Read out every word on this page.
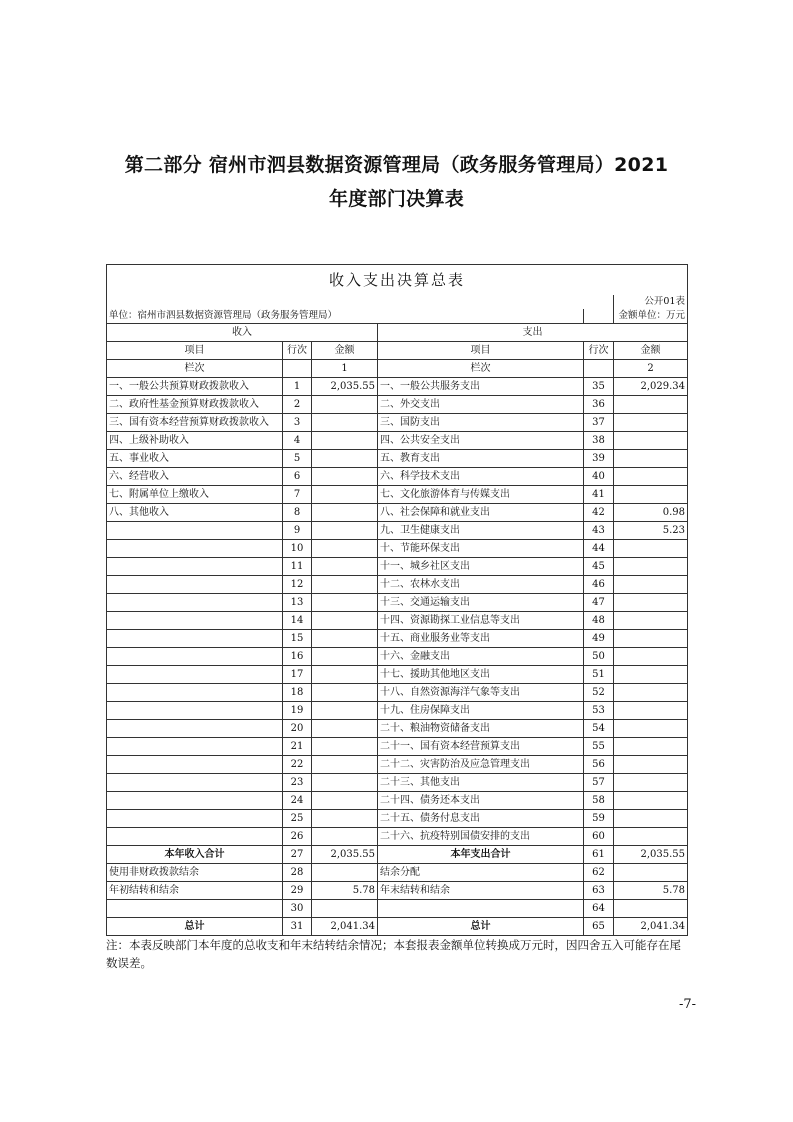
第二部分 宿州市泗县数据资源管理局（政务服务管理局）2021
年度部门决算表
收入支出决算总表					
					公开01表
单位：宿州市泗县数据资源管理局（政务服务管理局）					金额单位：万元
收入			支出		
项目	行次	金额	项目	行次	金额
栏次		1	栏次		2
一、一般公共预算财政拨款收入	1	2,035.55	一、一般公共服务支出	35	2,029.34
二、政府性基金预算财政拨款收入	2		二、外交支出	36	
三、国有资本经营预算财政拨款收入	3		三、国防支出	37	
四、上级补助收入	4		四、公共安全支出	38	
五、事业收入	5		五、教育支出	39	
六、经营收入	6		六、科学技术支出	40	
七、附属单位上缴收入	7		七、文化旅游体育与传媒支出	41	
八、其他收入	8		八、社会保障和就业支出	42	0.98
	9		九、卫生健康支出	43	5.23
	10		十、节能环保支出	44	
	11		十一、城乡社区支出	45	
	12		十二、农林水支出	46	
	13		十三、交通运输支出	47	
	14		十四、资源勘探工业信息等支出	48	
	15		十五、商业服务业等支出	49	
	16		十六、金融支出	50	
	17		十七、援助其他地区支出	51	
	18		十八、自然资源海洋气象等支出	52	
	19		十九、住房保障支出	53	
	20		二十、粮油物资储备支出	54	
	21		二十一、国有资本经营预算支出	55	
	22		二十二、灾害防治及应急管理支出	56	
	23		二十三、其他支出	57	
	24		二十四、债务还本支出	58	
	25		二十五、债务付息支出	59	
	26		二十六、抗疫特别国债安排的支出	60	
本年收入合计	27	2,035.55	本年支出合计	61	2,035.55
使用非财政拨款结余	28		结余分配	62	
年初结转和结余	29	5.78	年末结转和结余	63	5.78
	30			64	
总计	31	2,041.34	总计	65	2,041.34
注：本表反映部门本年度的总收支和年末结转结余情况；本套报表金额单位转换成万元时，因四舍五入可能存在尾数误差。
-7-
